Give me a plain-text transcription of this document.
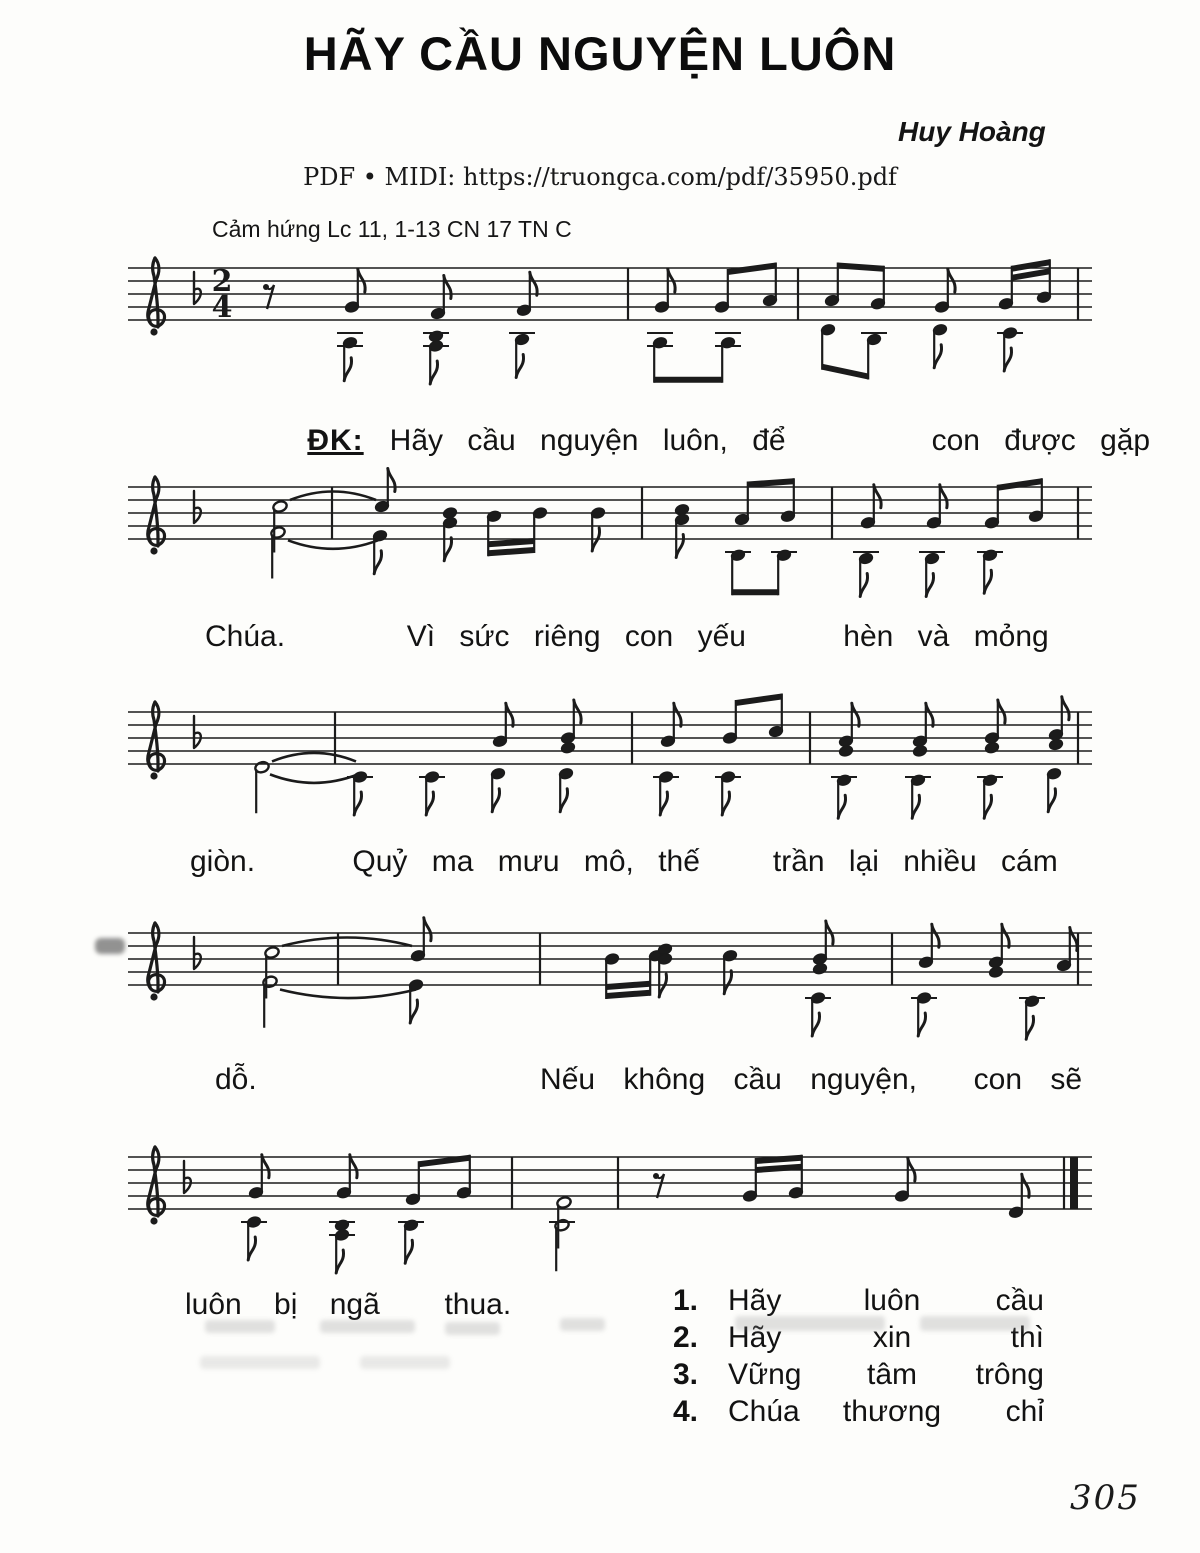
HÃY CẦU NGUYỆN LUÔN
Huy Hoàng
PDF • MIDI: https://truongca.com/pdf/35950.pdf
Cảm hứng Lc 11, 1-13 CN 17 TN C
2
4

ĐK: Hãy cầu nguyện luôn, để      con được gặp

Chúa.     Vì sức riêng con yếu    hèn và mỏng
giòn.    Quỷ ma mưu mô, thế   trần lại nhiều cám
dỗ.          Nếu không cầu nguyện,  con sẽ
luôn bị ngã  thua.	1.	Hãy	luôn	cầu
2.	Hãy	xin	thì
3.	Vững	tâm	trông
4.	Chúa	thương	chỉ
305
